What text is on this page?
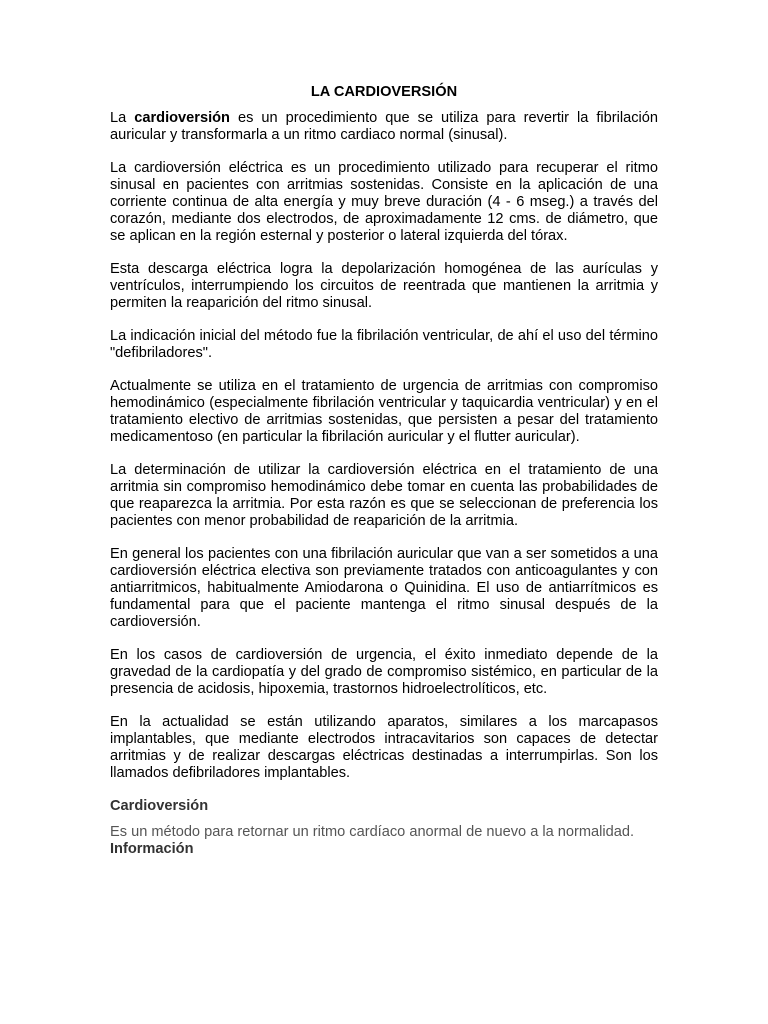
LA CARDIOVERSIÓN

La cardioversión es un procedimiento que se utiliza para revertir la fibrilación auricular y transformarla a un ritmo cardiaco normal (sinusal).

La cardioversión eléctrica es un procedimiento utilizado para recuperar el ritmo sinusal en pacientes con arritmias sostenidas. Consiste en la aplicación de una corriente continua de alta energía y muy breve duración (4 - 6 mseg.) a través del corazón, mediante dos electrodos, de aproximadamente 12 cms. de diámetro, que se aplican en la región esternal y posterior o lateral izquierda del tórax.

Esta descarga eléctrica logra la depolarización homogénea de las aurículas y ventrículos, interrumpiendo los circuitos de reentrada que mantienen la arritmia y permiten la reaparición del ritmo sinusal.

La indicación inicial del método fue la fibrilación ventricular, de ahí el uso del término "defibriladores".

Actualmente se utiliza en el tratamiento de urgencia de arritmias con compromiso hemodinámico (especialmente fibrilación ventricular y taquicardia ventricular) y en el tratamiento electivo de arritmias sostenidas, que persisten a pesar del tratamiento medicamentoso (en particular la fibrilación auricular y el flutter auricular).

La determinación de utilizar la cardioversión eléctrica en el tratamiento de una arritmia sin compromiso hemodinámico debe tomar en cuenta las probabilidades de que reaparezca la arritmia. Por esta razón es que se seleccionan de preferencia los pacientes con menor probabilidad de reaparición de la arritmia.

En general los pacientes con una fibrilación auricular que van a ser sometidos a una cardioversión eléctrica electiva son previamente tratados con anticoagulantes y con antiarritmicos, habitualmente Amiodarona o Quinidina. El uso de antiarrítmicos es fundamental para que el paciente mantenga el ritmo sinusal después de la cardioversión.

En los casos de cardioversión de urgencia, el éxito inmediato depende de la gravedad de la cardiopatía y del grado de compromiso sistémico, en particular de la presencia de acidosis, hipoxemia, trastornos hidroelectrolíticos, etc.

En la actualidad se están utilizando aparatos, similares a los marcapasos implantables, que mediante electrodos intracavitarios son capaces de detectar arritmias y de realizar descargas eléctricas destinadas a interrumpirlas. Son los llamados defibriladores implantables.

Cardioversión

Es un método para retornar un ritmo cardíaco anormal de nuevo a la normalidad.

Información
